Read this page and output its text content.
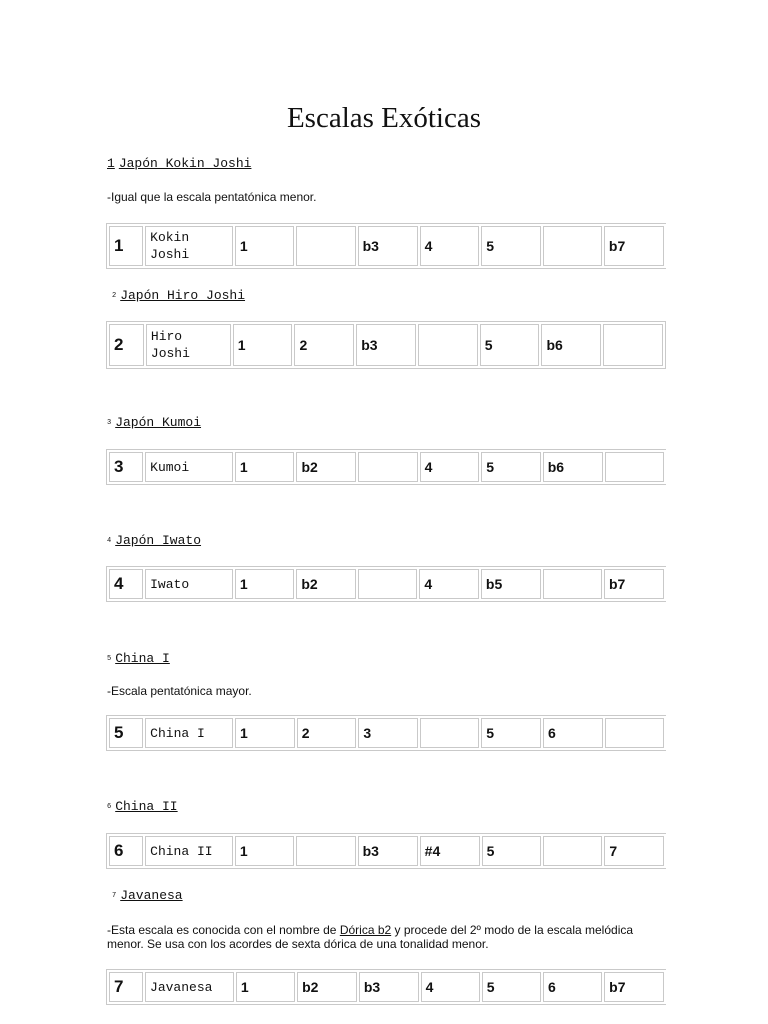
Escalas Exóticas
1 Japón Kokin Joshi
-Igual que la escala pentatónica menor.
1	Kokin Joshi	1		b3	4	5		b7
2 Japón Hiro Joshi
2	Hiro Joshi	1	2	b3		5	b6	
3 Japón Kumoi
3	Kumoi	1	b2		4	5	b6	
4 Japón Iwato
4	Iwato	1	b2		4	b5		b7
5 China I
-Escala pentatónica mayor.
5	China I	1	2	3		5	6	
6 China II
6	China II	1		b3	#4	5		7
7 Javanesa
-Esta escala es conocida con el nombre de Dórica b2 y procede del 2º modo de la escala melódica menor. Se usa con los acordes de sexta dórica de una tonalidad menor.
7	Javanesa	1	b2	b3	4	5	6	b7
